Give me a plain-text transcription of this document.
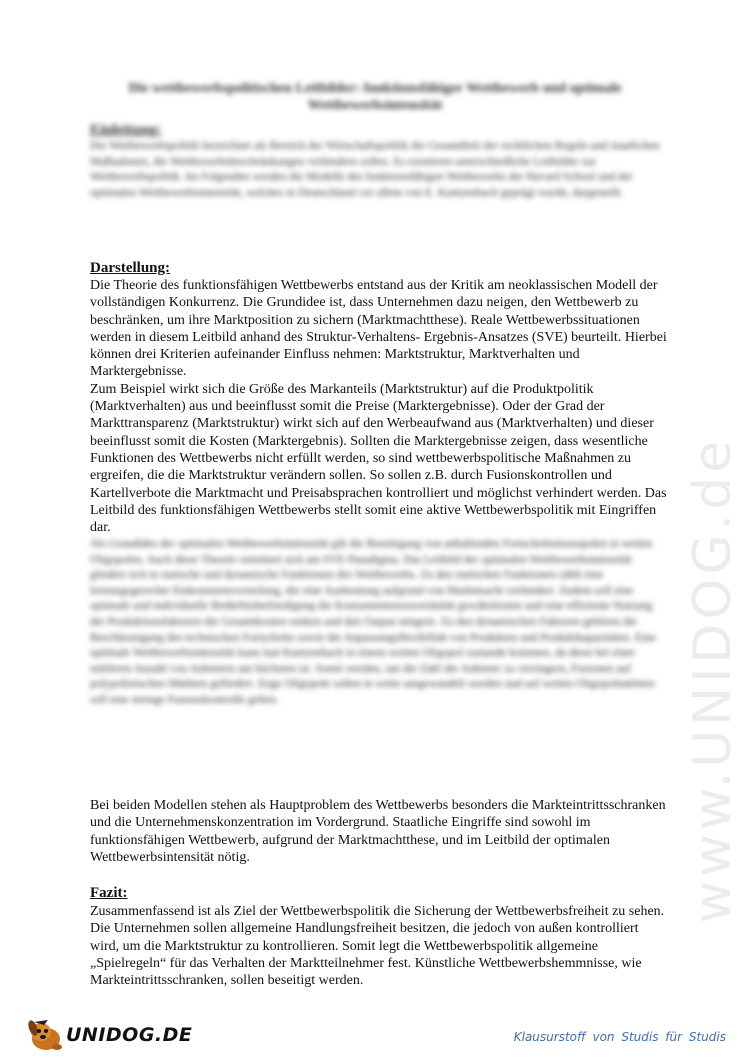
Die wettbewerbspolitischen Leitbilder: funktionsfähiger Wettbewerb und optimale Wettbewerbsintensität
Einleitung:
Die Wettbewerbspolitik bezeichnet als Bereich der Wirtschaftspolitik die Gesamtheit der rechtlichen Regeln und staatlichen Maßnahmen, die Wettbewerbsbeschränkungen verhindern sollen. Es existieren unterschiedliche Leitbilder zur Wettbewerbspolitik. Im Folgenden werden die Modelle des funktionsfähigen Wettbewerbs der Havard School und der optimalen Wettbewerbsintensität, welches in Deutschland vor allem von E. Kantzenbach geprägt wurde, dargestellt.
Darstellung:

Die Theorie des funktionsfähigen Wettbewerbs entstand aus der Kritik am neoklassischen Modell der vollständigen Konkurrenz. Die Grundidee ist, dass Unternehmen dazu neigen, den Wettbewerb zu beschränken, um ihre Marktposition zu sichern (Marktmachtthese). Reale Wettbewerbssituationen werden in diesem Leitbild anhand des Struktur-Verhaltens- Ergebnis-Ansatzes (SVE) beurteilt. Hierbei können drei Kriterien aufeinander Einfluss nehmen: Marktstruktur, Marktverhalten und Marktergebnisse.

Zum Beispiel wirkt sich die Größe des Markanteils (Marktstruktur) auf die Produktpolitik (Marktverhalten) aus und beeinflusst somit die Preise (Marktergebnisse). Oder der Grad der Markttransparenz (Marktstruktur) wirkt sich auf den Werbeaufwand aus (Marktverhalten) und dieser beeinflusst somit die Kosten (Marktergebnis). Sollten die Marktergebnisse zeigen, dass wesentliche Funktionen des Wettbewerbs nicht erfüllt werden, so sind wettbewerbspolitische Maßnahmen zu ergreifen, die die Marktstruktur verändern sollen. So sollen z.B. durch Fusionskontrollen und Kartellverbote die Marktmacht und Preisabsprachen kontrolliert und möglichst verhindert werden. Das Leitbild des funktionsfähigen Wettbewerbs stellt somit eine aktive Wettbewerbspolitik mit Eingriffen dar.

Als Grundidee der optimalen Wettbewerbsintensität gilt die Beseitigung von anhaltenden Fortschrittsmonopolen in weiten Oligopolen. Auch diese Theorie orientiert sich am SVE-Paradigma. Das Leitbild der optimalen Wettbewerbsintensität gliedert sich in statische und dynamische Funktionen des Wettbewerbs. Zu den statischen Funktionen zählt eine leistungsgerechte Einkommensverteilung, die eine Ausbeutung aufgrund von Marktmacht verhindert. Zudem soll eine optimale und individuelle Bedürfnisbefriedigung die Konsumentensouveränität gewährleisten und eine effiziente Nutzung der Produktionsfaktoren die Gesamtkosten senken und den Output steigern. Zu den dynamischen Faktoren gehören die Beschleunigung des technischen Fortschritts sowie die Anpassungsflexibilität von Produkten und Produktkapazitäten. Eine optimale Wettbewerbsintensität kann laut Kantzenbach in einem weiten Oligopol zustande kommen, da diese bei einer mittleren Anzahl von Anbietern am höchsten ist. Somit werden, um die Zahl der Anbieter zu verringern, Fusionen auf polypolistischen Märkten gefördert. Enge Oligopole sollen in weite umgewandelt werden und auf weiten Oligopolmärkten soll eine strenge Fusionskontrolle gelten.
Bei beiden Modellen stehen als Hauptproblem des Wettbewerbs besonders die Markteintrittsschranken und die Unternehmenskonzentration im Vordergrund. Staatliche Eingriffe sind sowohl im funktionsfähigen Wettbewerb, aufgrund der Marktmachtthese, und im Leitbild der optimalen Wettbewerbsintensität nötig.
Fazit:
Zusammenfassend ist als Ziel der Wettbewerbspolitik die Sicherung der Wettbewerbsfreiheit zu sehen. Die Unternehmen sollen allgemeine Handlungsfreiheit besitzen, die jedoch von außen kontrolliert wird, um die Marktstruktur zu kontrollieren. Somit legt die Wettbewerbspolitik allgemeine „Spielregeln“ für das Verhalten der Marktteilnehmer fest. Künstliche Wettbewerbshemmnisse, wie Markteintrittsschranken, sollen beseitigt werden.
www.UNIDOG.de
UNIDOG.DE	Klausurstoff von Studis für Studis
